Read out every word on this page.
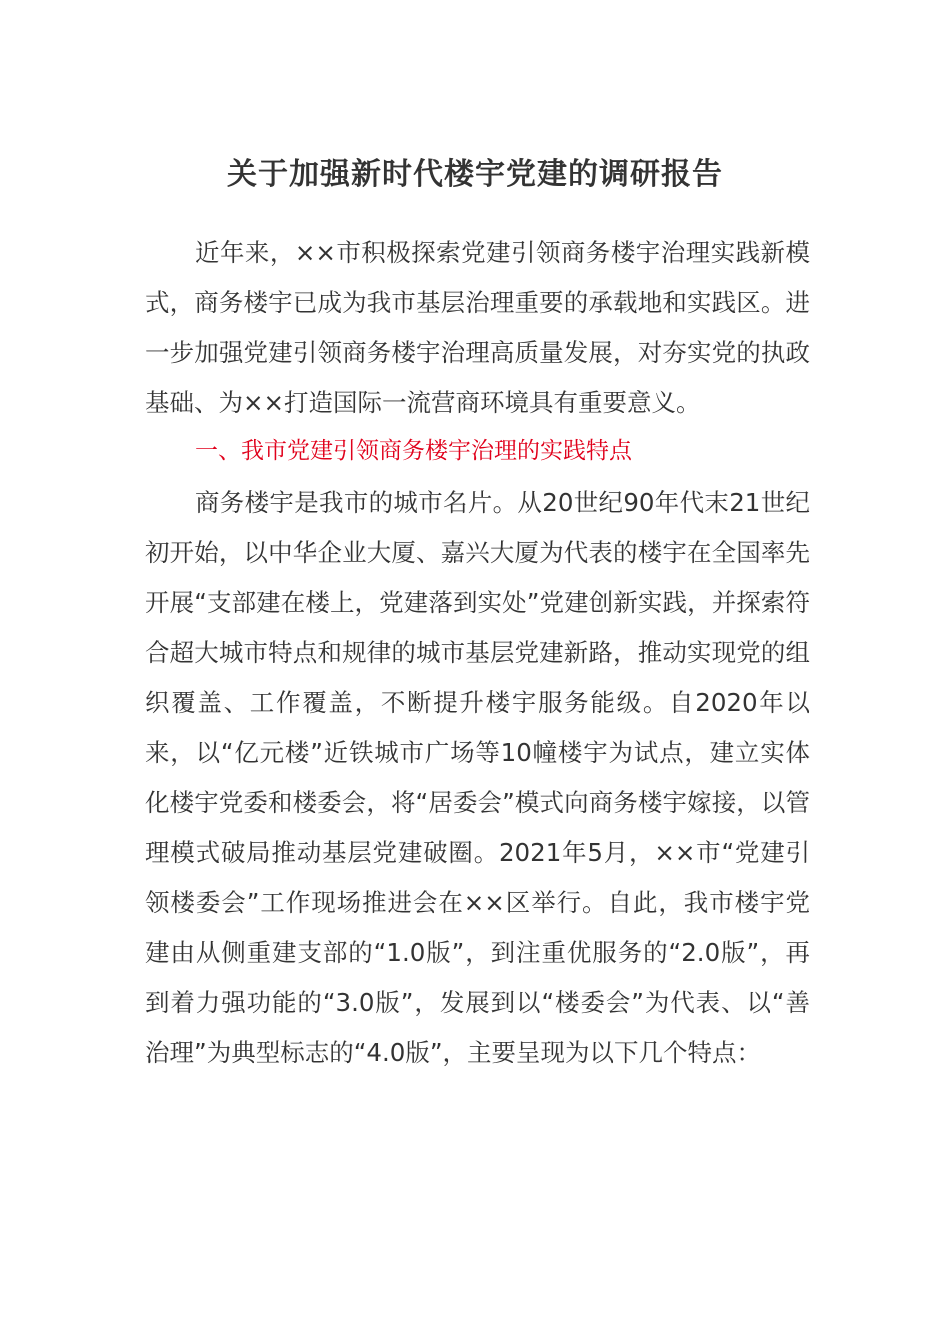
关于加强新时代楼宇党建的调研报告

近年来，××市积极探索党建引领商务楼宇治理实践新模式，商务楼宇已成为我市基层治理重要的承载地和实践区。进一步加强党建引领商务楼宇治理高质量发展，对夯实党的执政基础、为××打造国际一流营商环境具有重要意义。

一、我市党建引领商务楼宇治理的实践特点

商务楼宇是我市的城市名片。从20世纪90年代末21世纪初开始，以中华企业大厦、嘉兴大厦为代表的楼宇在全国率先开展“支部建在楼上，党建落到实处”党建创新实践，并探索符合超大城市特点和规律的城市基层党建新路，推动实现党的组织覆盖、工作覆盖，不断提升楼宇服务能级。自2020年以来，以“亿元楼”近铁城市广场等10幢楼宇为试点，建立实体化楼宇党委和楼委会，将“居委会”模式向商务楼宇嫁接，以管理模式破局推动基层党建破圈。2021年5月，××市“党建引领楼委会”工作现场推进会在××区举行。自此，我市楼宇党建由从侧重建支部的“1.0版”，到注重优服务的“2.0版”，再到着力强功能的“3.0版”，发展到以“楼委会”为代表、以“善治理”为典型标志的“4.0版”，主要呈现为以下几个特点：
